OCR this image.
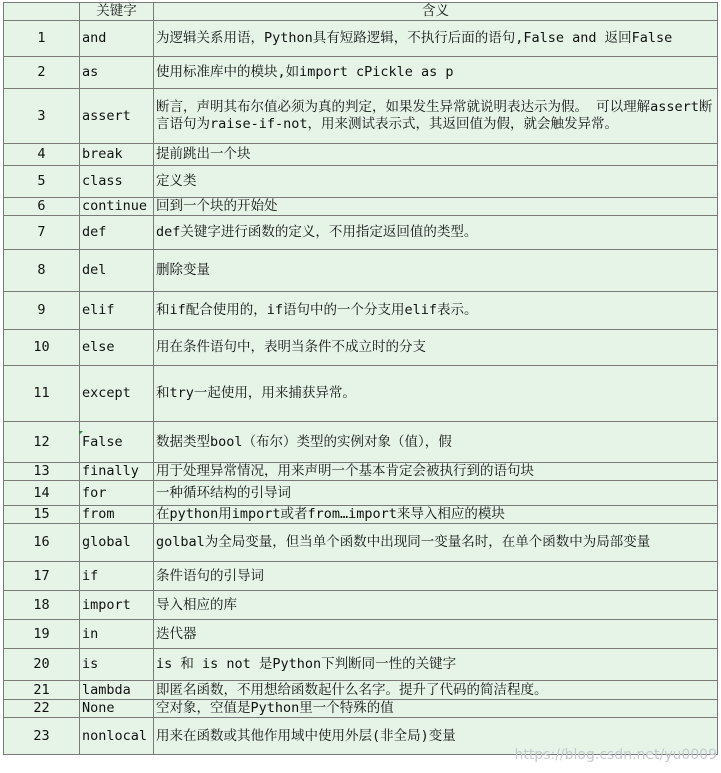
	关键字	含义
1	and	为逻辑关系用语，Python具有短路逻辑，不执行后面的语句,False and 返回False
2	as	使用标准库中的模块,如import cPickle as p
3	assert	断言，声明其布尔值必须为真的判定，如果发生异常就说明表达示为假。 可以理解assert断言语句为raise-if-not，用来测试表示式，其返回值为假，就会触发异常。
4	break	提前跳出一个块
5	class	定义类
6	continue	回到一个块的开始处
7	def	def关键字进行函数的定义，不用指定返回值的类型。
8	del	删除变量
9	elif	和if配合使用的，if语句中的一个分支用elif表示。
10	else	用在条件语句中，表明当条件不成立时的分支
11	except	和try一起使用，用来捕获异常。
12	False	数据类型bool（布尔）类型的实例对象（值），假
13	finally	用于处理异常情况，用来声明一个基本肯定会被执行到的语句块
14	for	一种循环结构的引导词
15	from	在python用import或者from…import来导入相应的模块
16	global	golbal为全局变量，但当单个函数中出现同一变量名时，在单个函数中为局部变量
17	if	条件语句的引导词
18	import	导入相应的库
19	in	迭代器
20	is	is 和 is not 是Python下判断同一性的关键字
21	lambda	即匿名函数，不用想给函数起什么名字。提升了代码的简洁程度。
22	None	空对象，空值是Python里一个特殊的值
23	nonlocal	用来在函数或其他作用域中使用外层(非全局)变量
https://blog.csdn.net/yu0009
